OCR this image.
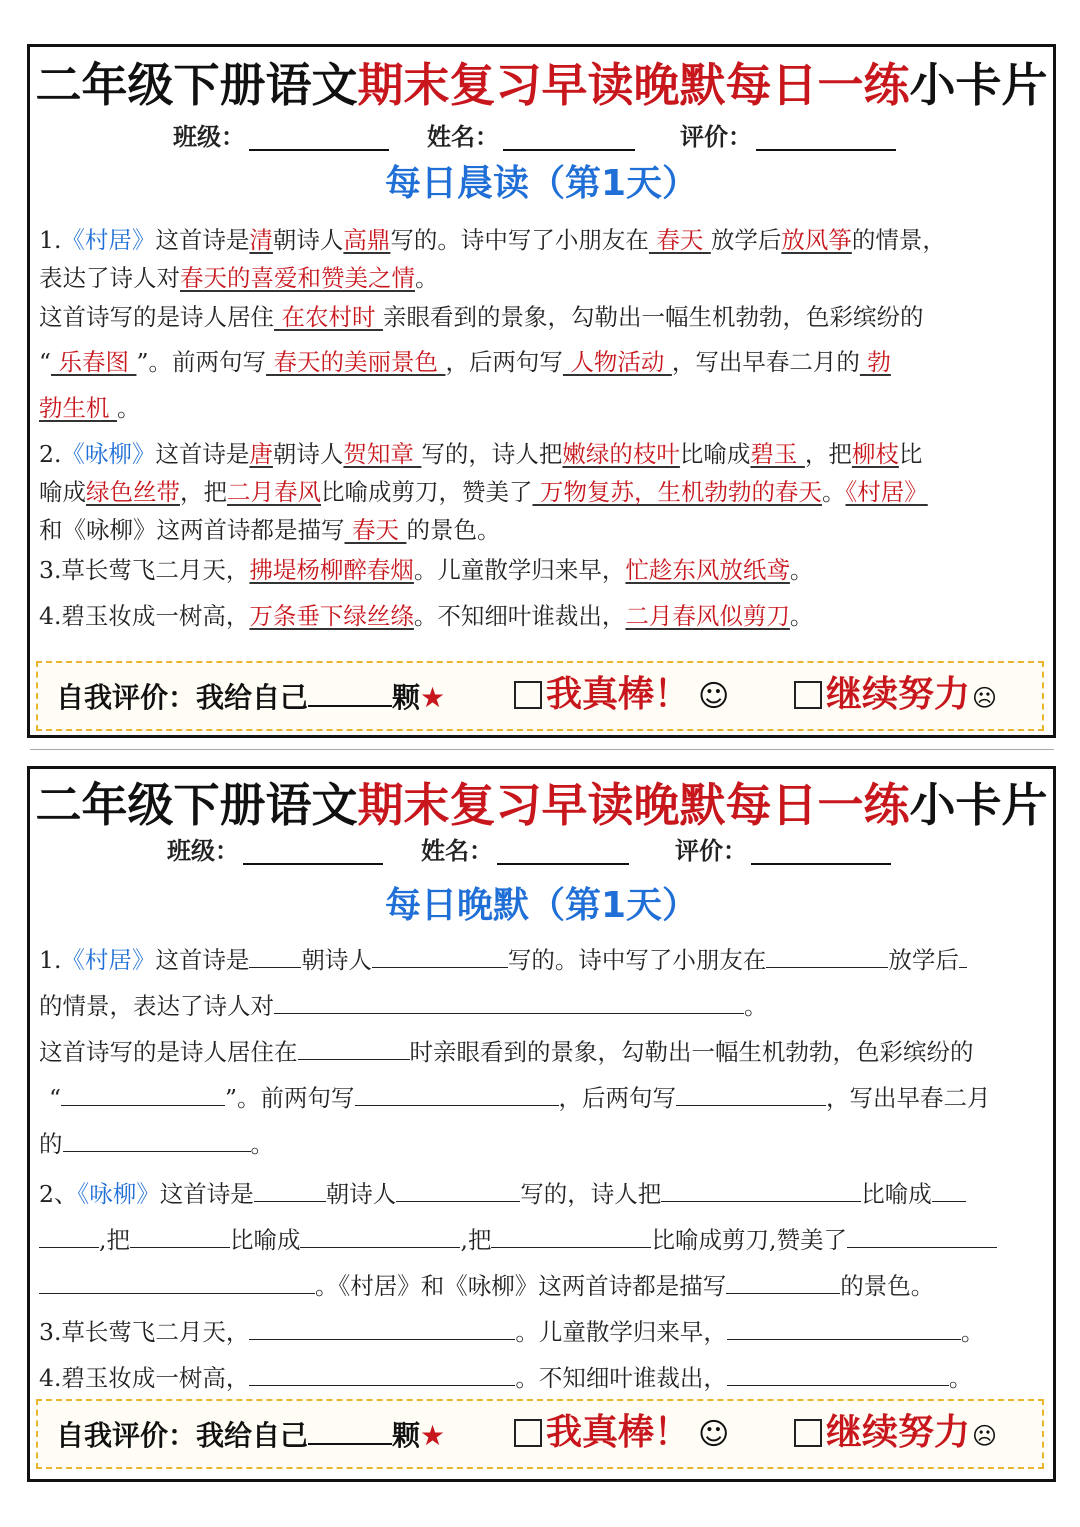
二年级下册语文期末复习早读晚默每日一练小卡片
班级：	姓名：	评价：
每日晨读（第1天）
1.《村居》这首诗是清朝诗人高鼎写的。诗中写了小朋友在 春天 放学后放风筝的情景，
表达了诗人对春天的喜爱和赞美之情。
这首诗写的是诗人居住 在农村时 亲眼看到的景象，勾勒出一幅生机勃勃，色彩缤纷的
“ 乐春图 ”。前两句写 春天的美丽景色 ，后两句写 人物活动 ，写出早春二月的 勃
勃生机 。
2.《咏柳》这首诗是唐朝诗人贺知章 写的，诗人把嫩绿的枝叶比喻成碧玉 ，把柳枝比
喻成绿色丝带，把二月春风比喻成剪刀，赞美了 万物复苏，生机勃勃的春天。《村居》
和《咏柳》这两首诗都是描写 春天 的景色。
3.草长莺飞二月天，拂堤杨柳醉春烟。儿童散学归来早，忙趁东风放纸鸢。
4.碧玉妆成一树高，万条垂下绿丝绦。不知细叶谁裁出，二月春风似剪刀。
自我评价：我给自己	颗★	我真棒！ ☺	继续努力☹
二年级下册语文期末复习早读晚默每日一练小卡片
班级：	姓名：	评价：
每日晚默（第1天）
1.《村居》这首诗是 朝诗人	写的。诗中写了小朋友在	放学后
的情景，表达了诗人对	。
这首诗写的是诗人居住在	时亲眼看到的景象，勾勒出一幅生机勃勃，色彩缤纷的
“	”。前两句写	，后两句写	，写出早春二月
的	。
2、《咏柳》这首诗是	朝诗人	写的，诗人把	比喻成
,把	比喻成	,把	比喻成剪刀,赞美了
。《村居》和《咏柳》这两首诗都是描写	的景色。
3.草长莺飞二月天，	。儿童散学归来早，	。
4.碧玉妆成一树高，	。不知细叶谁裁出，	。
自我评价：我给自己	颗★	我真棒！ ☺	继续努力☹
